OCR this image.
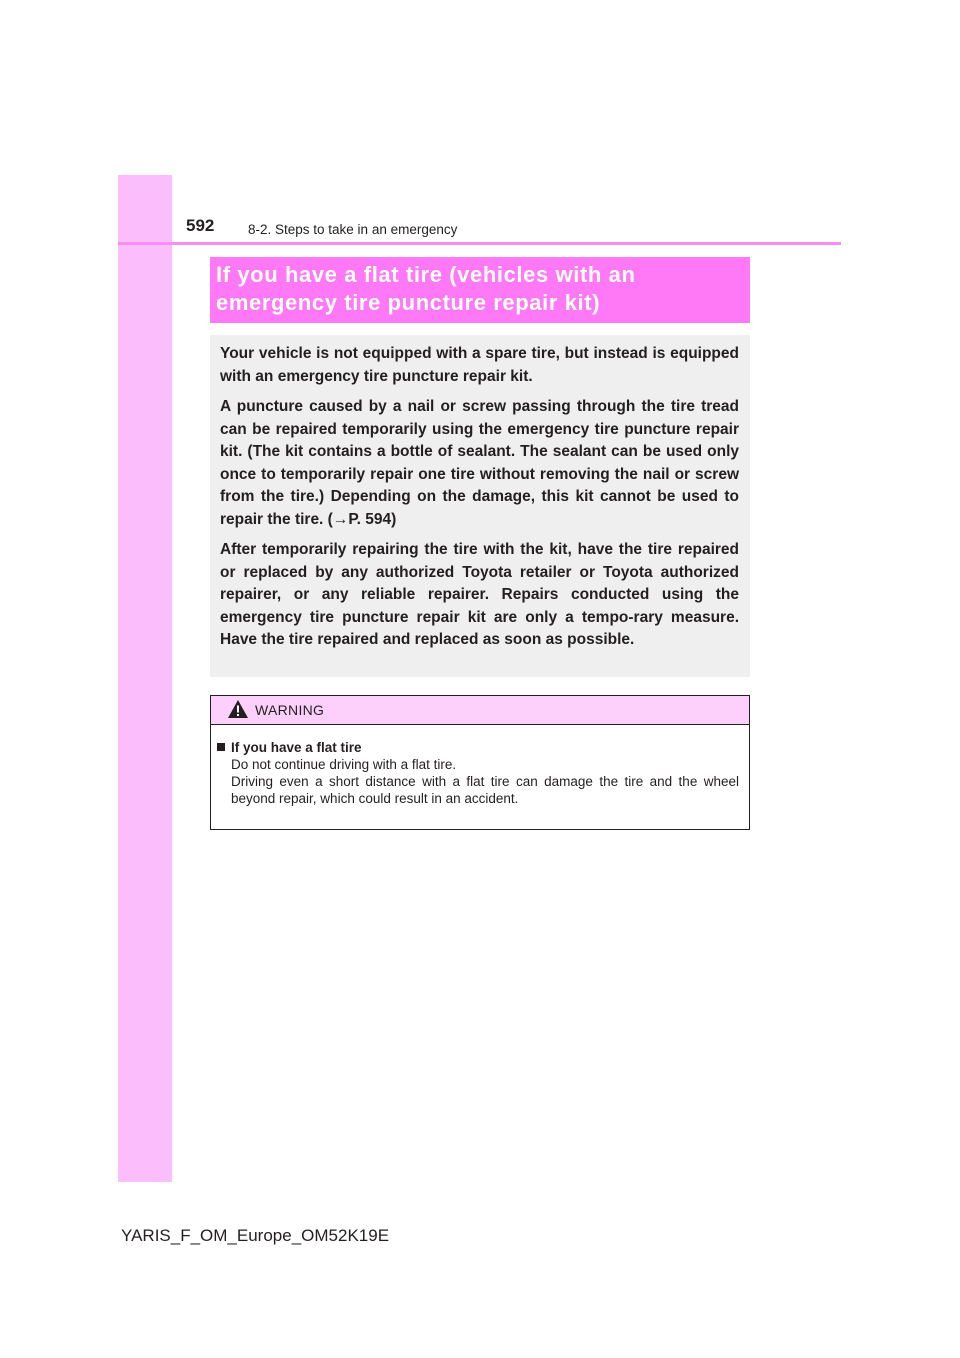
592 8-2. Steps to take in an emergency
If you have a flat tire (vehicles with an
emergency tire puncture repair kit)

Your vehicle is not equipped with a spare tire, but instead is equipped with an emergency tire puncture repair kit.

A puncture caused by a nail or screw passing through the tire tread can be repaired temporarily using the emergency tire puncture repair kit. (The kit contains a bottle of sealant. The sealant can be used only once to temporarily repair one tire without removing the nail or screw from the tire.) Depending on the damage, this kit cannot be used to repair the tire. (→P. 594)

After temporarily repairing the tire with the kit, have the tire repaired or replaced by any authorized Toyota retailer or Toyota authorized repairer, or any reliable repairer. Repairs conducted using the emergency tire puncture repair kit are only a tempo-rary measure. Have the tire repaired and replaced as soon as possible.

WARNING
If you have a flat tire
Do not continue driving with a flat tire.
Driving even a short distance with a flat tire can damage the tire and the wheel beyond repair, which could result in an accident.
YARIS_F_OM_Europe_OM52K19E
